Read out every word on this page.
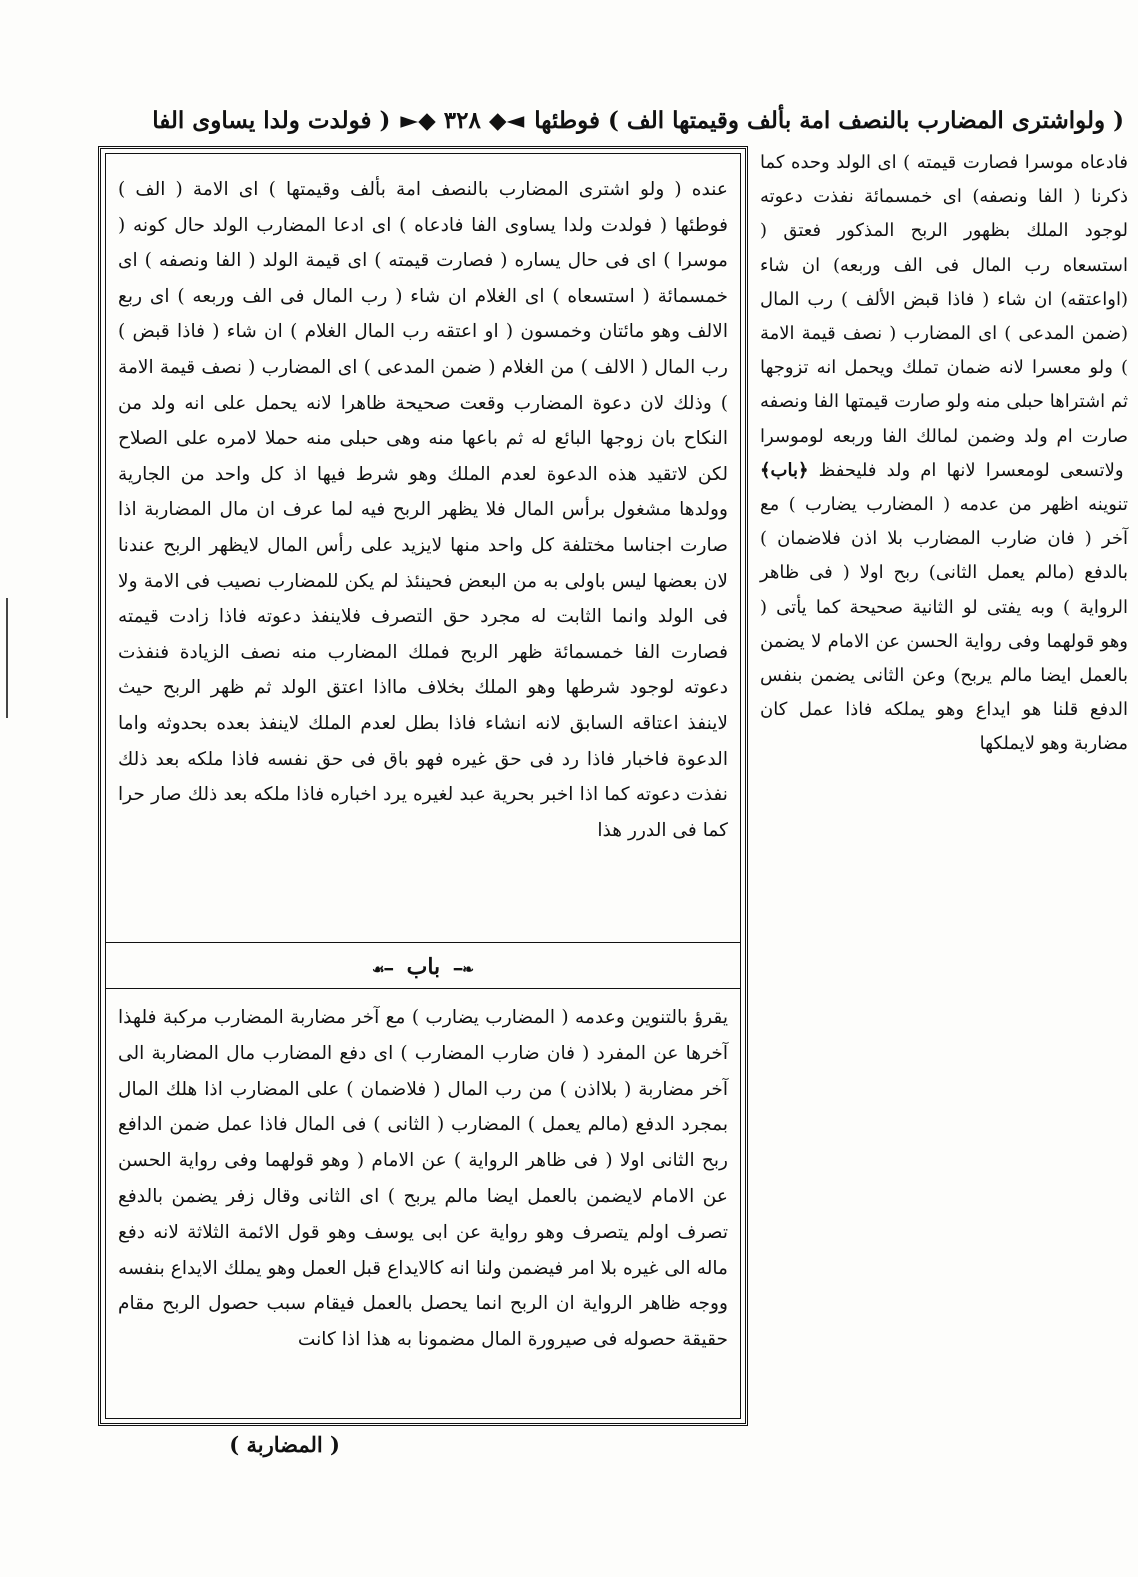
( ولواشترى المضارب بالنصف امة بألف وقيمتها الف ) فوطئها
◄◆ ٣٢٨ ◆►
( فولدت ولدا يساوى الفا
عنده ( ولو اشترى المضارب بالنصف امة بألف وقيمتها ) اى الامة ( الف ) فوطئها ( فولدت ولدا يساوى الفا فادعاه ) اى ادعا المضارب الولد حال كونه ( موسرا ) اى فى حال يساره ( فصارت قيمته ) اى قيمة الولد ( الفا ونصفه ) اى خمسمائة ( استسعاه ) اى الغلام ان شاء ( رب المال فى الف وربعه ) اى ربع الالف وهو مائتان وخمسون ( او اعتقه رب المال الغلام ) ان شاء ( فاذا قبض ) رب المال ( الالف ) من الغلام ( ضمن المدعى ) اى المضارب ( نصف قيمة الامة ) وذلك لان دعوة المضارب وقعت صحيحة ظاهرا لانه يحمل على انه ولد من النكاح بان زوجها البائع له ثم باعها منه وهى حبلى منه حملا لامره على الصلاح لكن لاتقيد هذه الدعوة لعدم الملك وهو شرط فيها اذ كل واحد من الجارية وولدها مشغول برأس المال فلا يظهر الربح فيه لما عرف ان مال المضاربة اذا صارت اجناسا مختلفة كل واحد منها لايزيد على رأس المال لايظهر الربح عندنا لان بعضها ليس باولى به من البعض فحينئذ لم يكن للمضارب نصيب فى الامة ولا فى الولد وانما الثابت له مجرد حق التصرف فلاينفذ دعوته فاذا زادت قيمته فصارت الفا خمسمائة ظهر الربح فملك المضارب منه نصف الزيادة فنفذت دعوته لوجود شرطها وهو الملك بخلاف مااذا اعتق الولد ثم ظهر الربح حيث لاينفذ اعتاقه السابق لانه انشاء فاذا بطل لعدم الملك لاينفذ بعده بحدوثه واما الدعوة فاخبار فاذا رد فى حق غيره فهو باق فى حق نفسه فاذا ملكه بعد ذلك نفذت دعوته كما اذا اخبر بحرية عبد لغيره يرد اخباره فاذا ملكه بعد ذلك صار حرا كما فى الدرر هذا
❧━ باب ━☙
يقرؤ بالتنوين وعدمه ( المضارب يضارب ) مع آخر مضاربة المضارب مركبة فلهذا آخرها عن المفرد ( فان ضارب المضارب ) اى دفع المضارب مال المضاربة الى آخر مضاربة ( بلااذن ) من رب المال ( فلاضمان ) على المضارب اذا هلك المال بمجرد الدفع (مالم يعمل ) المضارب ( الثانى ) فى المال فاذا عمل ضمن الدافع ربح الثانى اولا ( فى ظاهر الرواية ) عن الامام ( وهو قولهما وفى رواية الحسن عن الامام لايضمن بالعمل ايضا مالم يربح ) اى الثانى وقال زفر يضمن بالدفع تصرف اولم يتصرف وهو رواية عن ابى يوسف وهو قول الائمة الثلاثة لانه دفع ماله الى غيره بلا امر فيضمن ولنا انه كالايداع قبل العمل وهو يملك الايداع بنفسه ووجه ظاهر الرواية ان الربح انما يحصل بالعمل فيقام سبب حصول الربح مقام حقيقة حصوله فى صيرورة المال مضمونا به هذا اذا كانت
فادعاه موسرا فصارت قيمته ) اى الولد وحده كما ذكرنا ( الفا ونصفه) اى خمسمائة نفذت دعوته لوجود الملك بظهور الربح المذكور فعتق ( استسعاه رب المال فى الف وربعه) ان شاء (اواعتقه) ان شاء ( فاذا قبض الألف ) رب المال (ضمن المدعى ) اى المضارب ( نصف قيمة الامة ) ولو معسرا لانه ضمان تملك ويحمل انه تزوجها ثم اشتراها حبلى منه ولو صارت قيمتها الفا ونصفه صارت ام ولد وضمن لمالك الفا وربعه لوموسرا ولاتسعى لومعسرا لانها ام ولد فليحفظ ﴿باب﴾ تنوينه اظهر من عدمه ( المضارب يضارب ) مع آخر ( فان ضارب المضارب بلا اذن فلاضمان ) بالدفع (مالم يعمل الثانى) ربح اولا ( فى ظاهر الرواية ) وبه يفتى لو الثانية صحيحة كما يأتى ( وهو قولهما وفى رواية الحسن عن الامام لا يضمن بالعمل ايضا مالم يربح) وعن الثانى يضمن بنفس الدفع قلنا هو ايداع وهو يملكه فاذا عمل كان مضاربة وهو لايملكها
( المضاربة )
